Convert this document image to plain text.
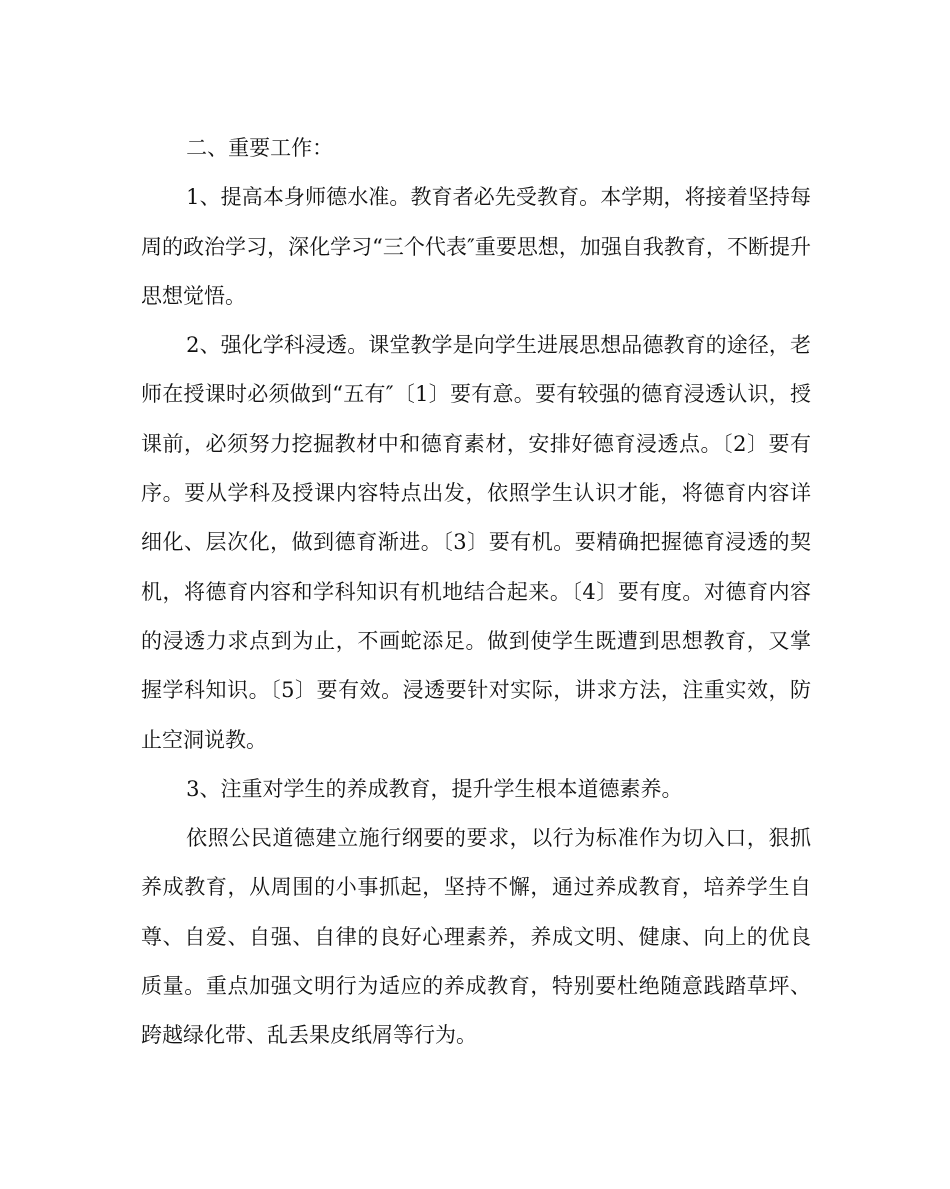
二、重要工作：

1、提高本身师德水准。教育者必先受教育。本学期，将接着坚持每周的政治学习，深化学习“三个代表″重要思想，加强自我教育，不断提升思想觉悟。

2、强化学科浸透。课堂教学是向学生进展思想品德教育的途径，老师在授课时必须做到“五有″〔1〕要有意。要有较强的德育浸透认识，授课前，必须努力挖掘教材中和德育素材，安排好德育浸透点。〔2〕要有序。要从学科及授课内容特点出发，依照学生认识才能，将德育内容详细化、层次化，做到德育渐进。〔3〕要有机。要精确把握德育浸透的契机，将德育内容和学科知识有机地结合起来。〔4〕要有度。对德育内容的浸透力求点到为止，不画蛇添足。做到使学生既遭到思想教育，又掌握学科知识。〔5〕要有效。浸透要针对实际，讲求方法，注重实效，防止空洞说教。

3、注重对学生的养成教育，提升学生根本道德素养。

依照公民道德建立施行纲要的要求，以行为标准作为切入口，狠抓养成教育，从周围的小事抓起，坚持不懈，通过养成教育，培养学生自尊、自爱、自强、自律的良好心理素养，养成文明、健康、向上的优良质量。重点加强文明行为适应的养成教育，特别要杜绝随意践踏草坪、跨越绿化带、乱丢果皮纸屑等行为。
